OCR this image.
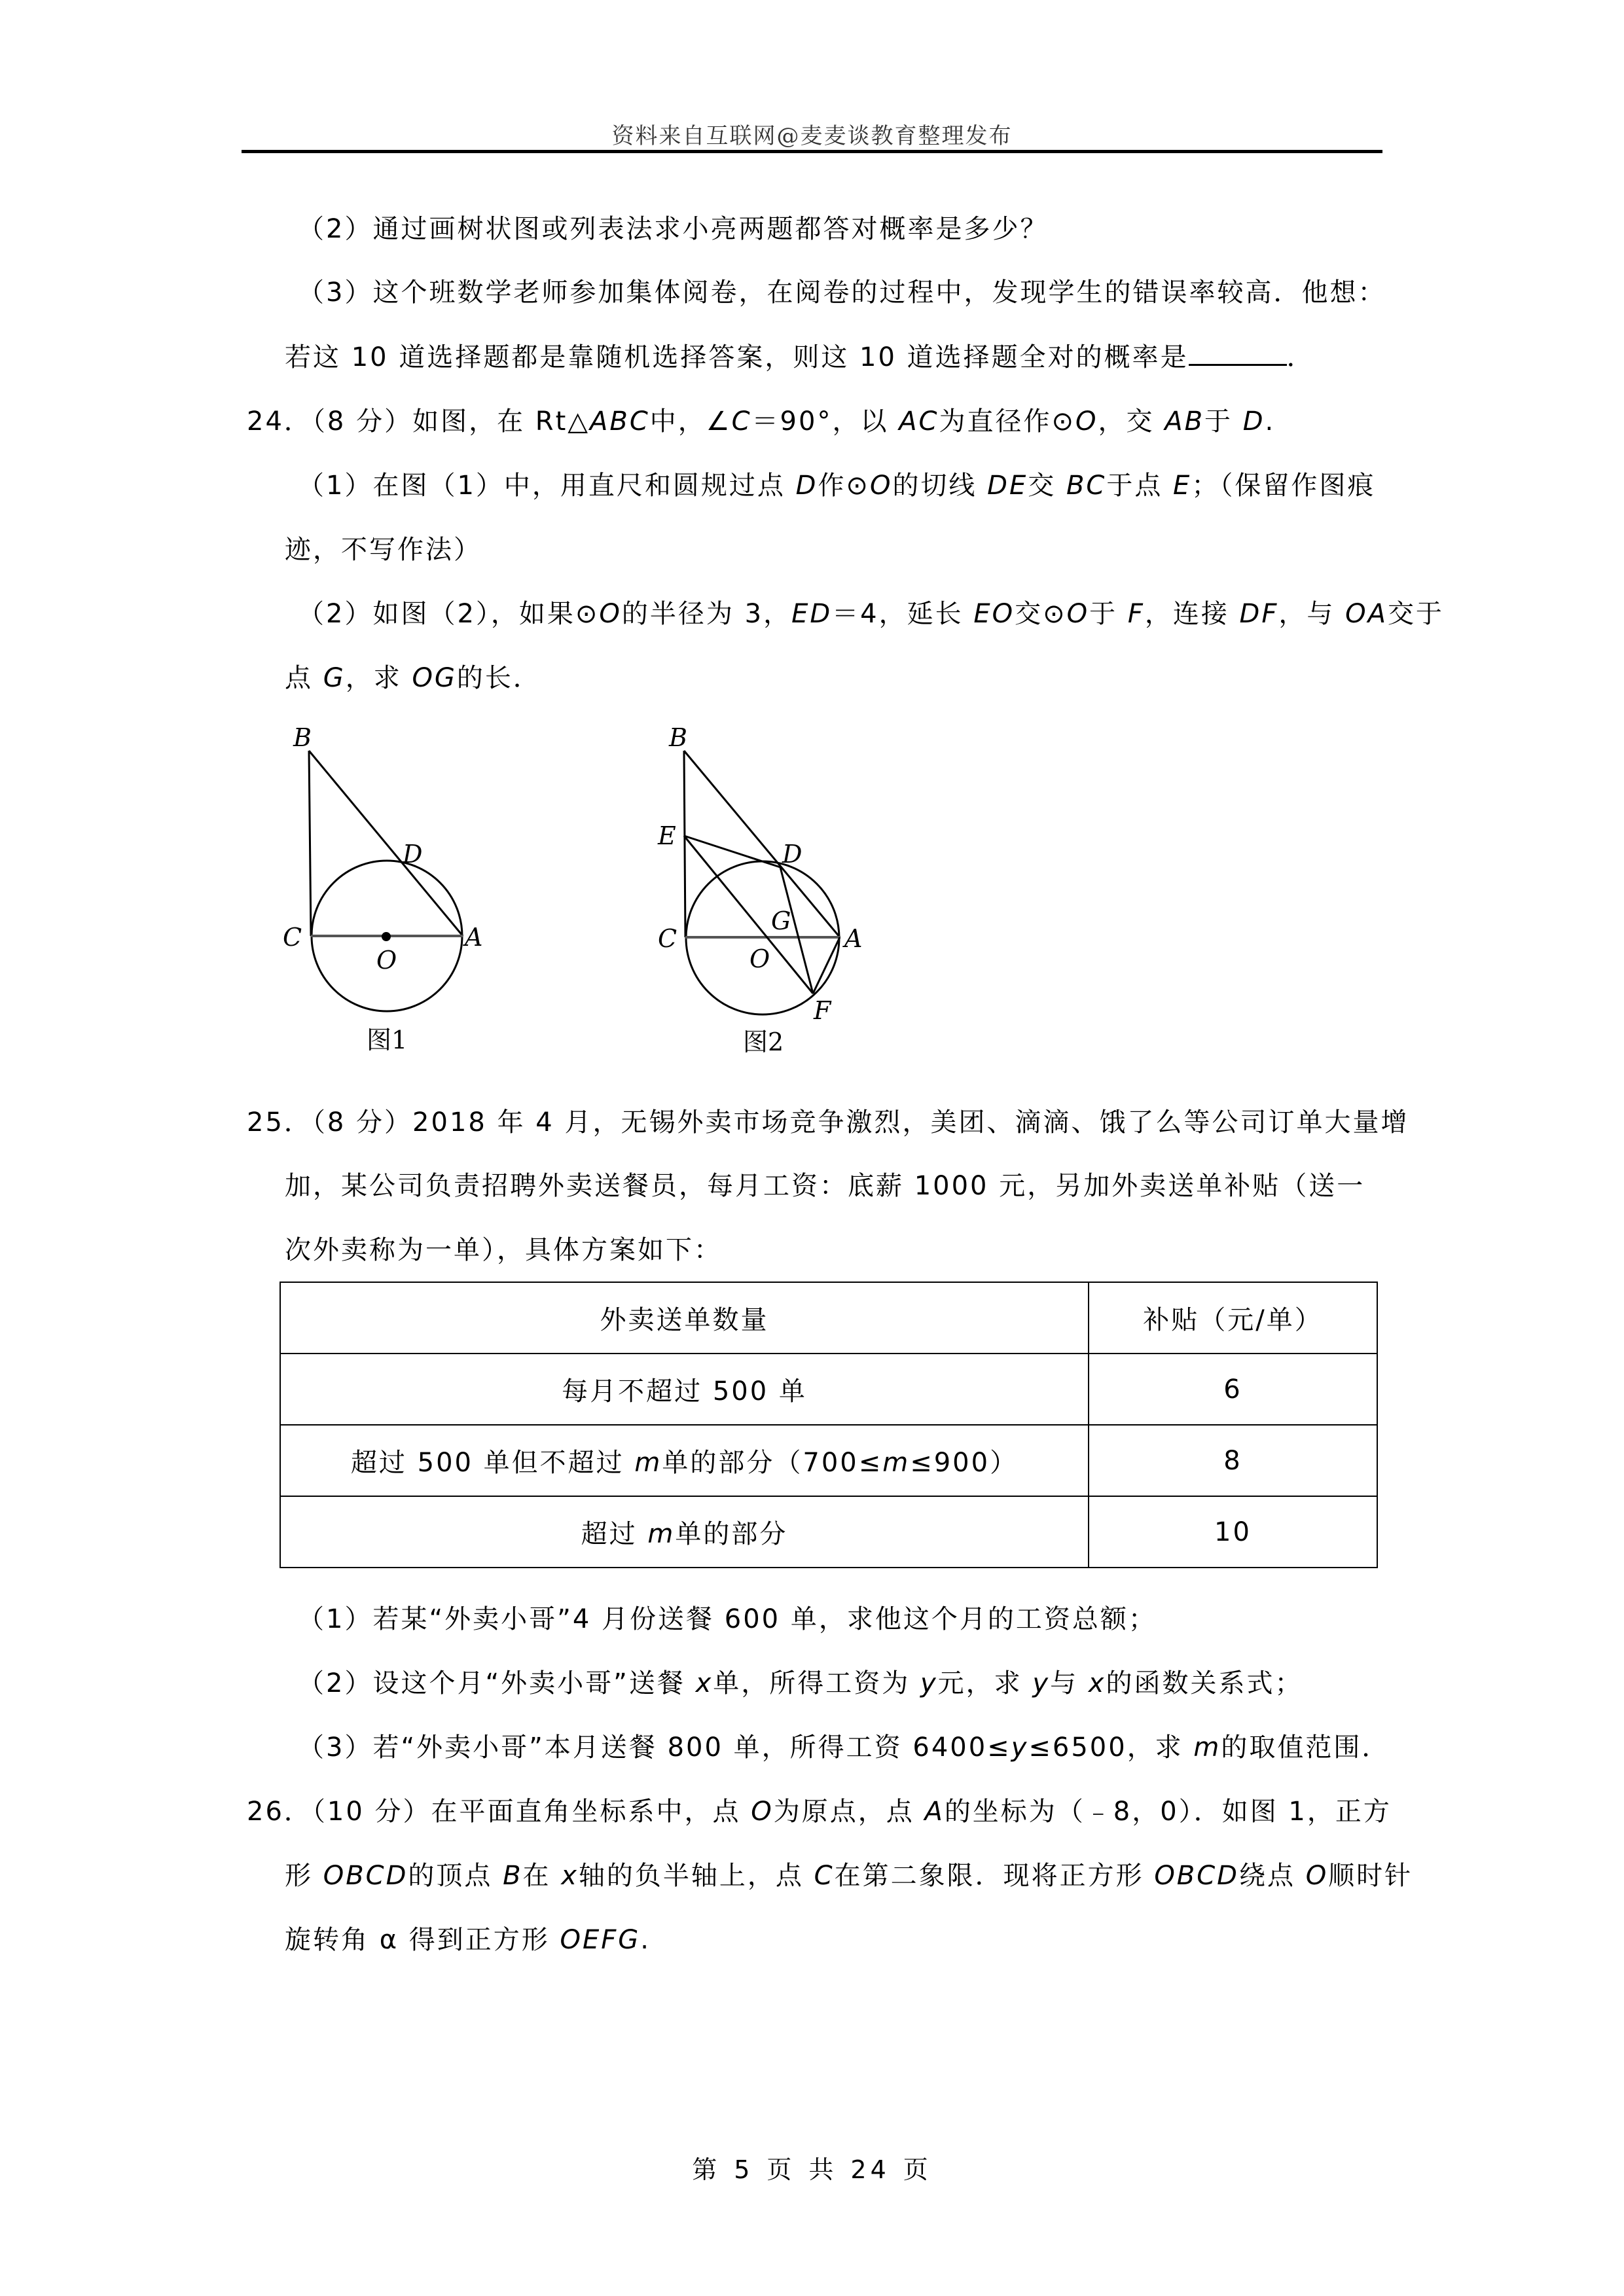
资料来自互联网@麦麦谈教育整理发布
（2）通过画树状图或列表法求小亮两题都答对概率是多少？
（3）这个班数学老师参加集体阅卷，在阅卷的过程中，发现学生的错误率较高．他想：
若这 10 道选择题都是靠随机选择答案，则这 10 道选择题全对的概率是	．
24．（8 分）如图，在 Rt△ABC中，∠C＝90°，以 AC为直径作⊙O，交 AB于 D.
（1）在图（1）中，用直尺和圆规过点 D作⊙O的切线 DE交 BC于点 E；（保留作图痕
迹，不写作法）
（2）如图（2），如果⊙O的半径为 3，ED＝4，延长 EO交⊙O于 F，连接 DF，与 OA交于
点 G，求 OG的长．
B
C
O
A
D
图1
B
E
C
O
G
A
D
F
图2
25．（8 分）2018 年 4 月，无锡外卖市场竞争激烈，美团、滴滴、饿了么等公司订单大量增
加，某公司负责招聘外卖送餐员，每月工资：底薪 1000 元，另加外卖送单补贴（送一
次外卖称为一单），具体方案如下：
外卖送单数量	补贴（元/单）
每月不超过 500 单	6
超过 500 单但不超过 m单的部分（700≤m≤900）	8
超过 m单的部分	10
（1）若某“外卖小哥”4 月份送餐 600 单，求他这个月的工资总额；
（2）设这个月“外卖小哥”送餐 x单，所得工资为 y元，求 y与 x的函数关系式；
（3）若“外卖小哥”本月送餐 800 单，所得工资 6400≤y≤6500，求 m的取值范围．
26．（10 分）在平面直角坐标系中，点 O为原点，点 A的坐标为（﹣8，0）．如图 1，正方
形 OBCD的顶点 B在 x轴的负半轴上，点 C在第二象限．现将正方形 OBCD绕点 O顺时针
旋转角 α 得到正方形 OEFG.
第 5 页 共 24 页
